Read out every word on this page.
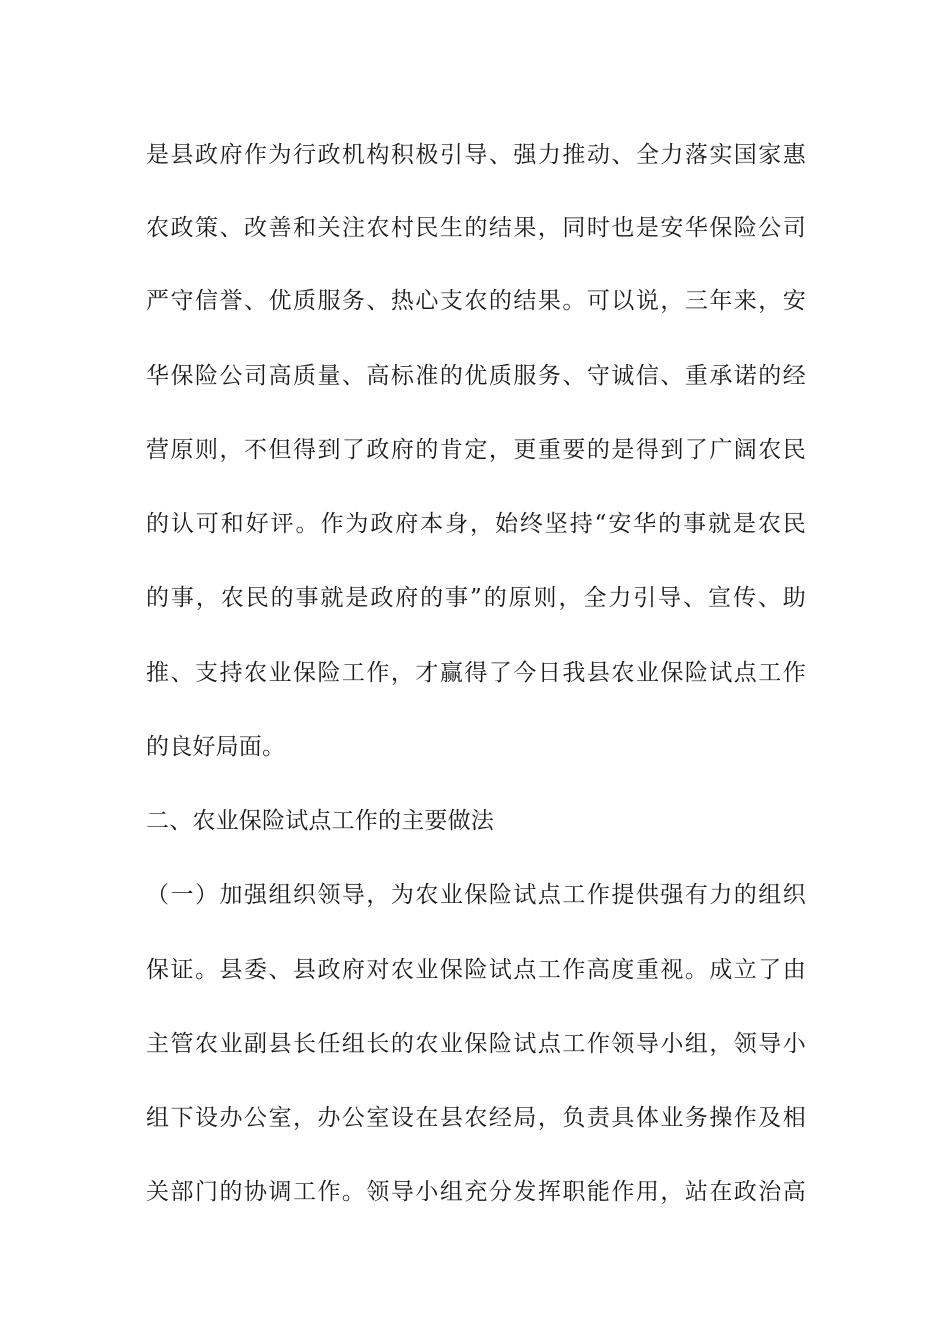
是县政府作为行政机构积极引导、强力推动、全力落实国家惠
农政策、改善和关注农村民生的结果，同时也是安华保险公司
严守信誉、优质服务、热心支农的结果。可以说，三年来，安
华保险公司高质量、高标准的优质服务、守诚信、重承诺的经
营原则，不但得到了政府的肯定，更重要的是得到了广阔农民
的认可和好评。作为政府本身，始终坚持“安华的事就是农民
的事，农民的事就是政府的事”的原则，全力引导、宣传、助
推、支持农业保险工作，才赢得了今日我县农业保险试点工作
的良好局面。
二、农业保险试点工作的主要做法
（一）加强组织领导，为农业保险试点工作提供强有力的组织
保证。县委、县政府对农业保险试点工作高度重视。成立了由
主管农业副县长任组长的农业保险试点工作领导小组，领导小
组下设办公室，办公室设在县农经局，负责具体业务操作及相
关部门的协调工作。领导小组充分发挥职能作用，站在政治高
